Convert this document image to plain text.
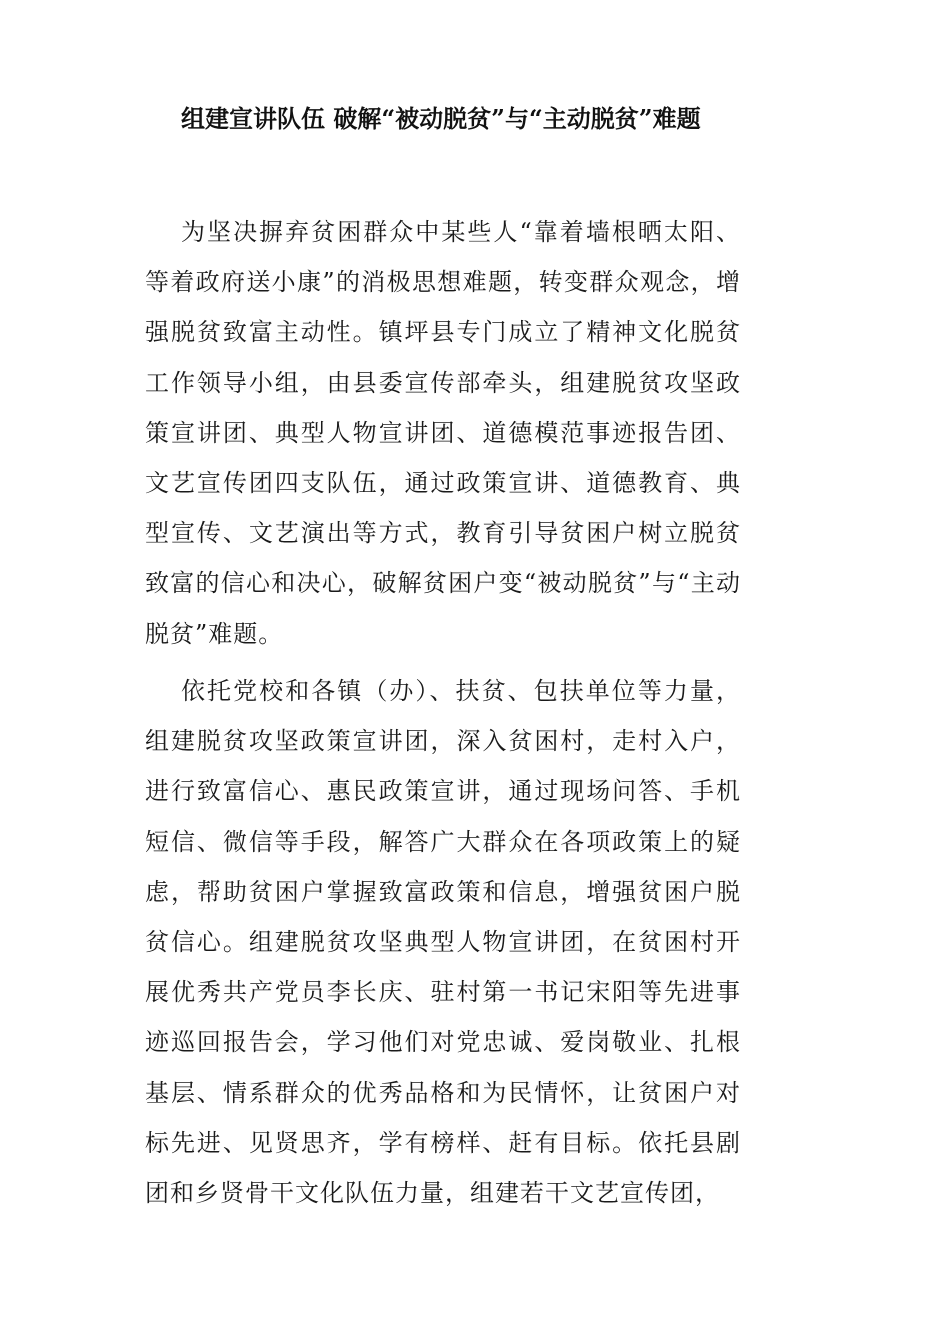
组建宣讲队伍 破解“被动脱贫”与“主动脱贫”难题

为坚决摒弃贫困群众中某些人“靠着墙根晒太阳、等着政府送小康”的消极思想难题，转变群众观念，增强脱贫致富主动性。镇坪县专门成立了精神文化脱贫工作领导小组，由县委宣传部牵头，组建脱贫攻坚政策宣讲团、典型人物宣讲团、道德模范事迹报告团、文艺宣传团四支队伍，通过政策宣讲、道德教育、典型宣传、文艺演出等方式，教育引导贫困户树立脱贫致富的信心和决心，破解贫困户变“被动脱贫”与“主动脱贫”难题。

依托党校和各镇（办）、扶贫、包扶单位等力量，组建脱贫攻坚政策宣讲团，深入贫困村，走村入户，进行致富信心、惠民政策宣讲，通过现场问答、手机短信、微信等手段，解答广大群众在各项政策上的疑虑，帮助贫困户掌握致富政策和信息，增强贫困户脱贫信心。组建脱贫攻坚典型人物宣讲团，在贫困村开展优秀共产党员李长庆、驻村第一书记宋阳等先进事迹巡回报告会，学习他们对党忠诚、爱岗敬业、扎根基层、情系群众的优秀品格和为民情怀，让贫困户对标先进、见贤思齐，学有榜样、赶有目标。依托县剧团和乡贤骨干文化队伍力量，组建若干文艺宣传团，
